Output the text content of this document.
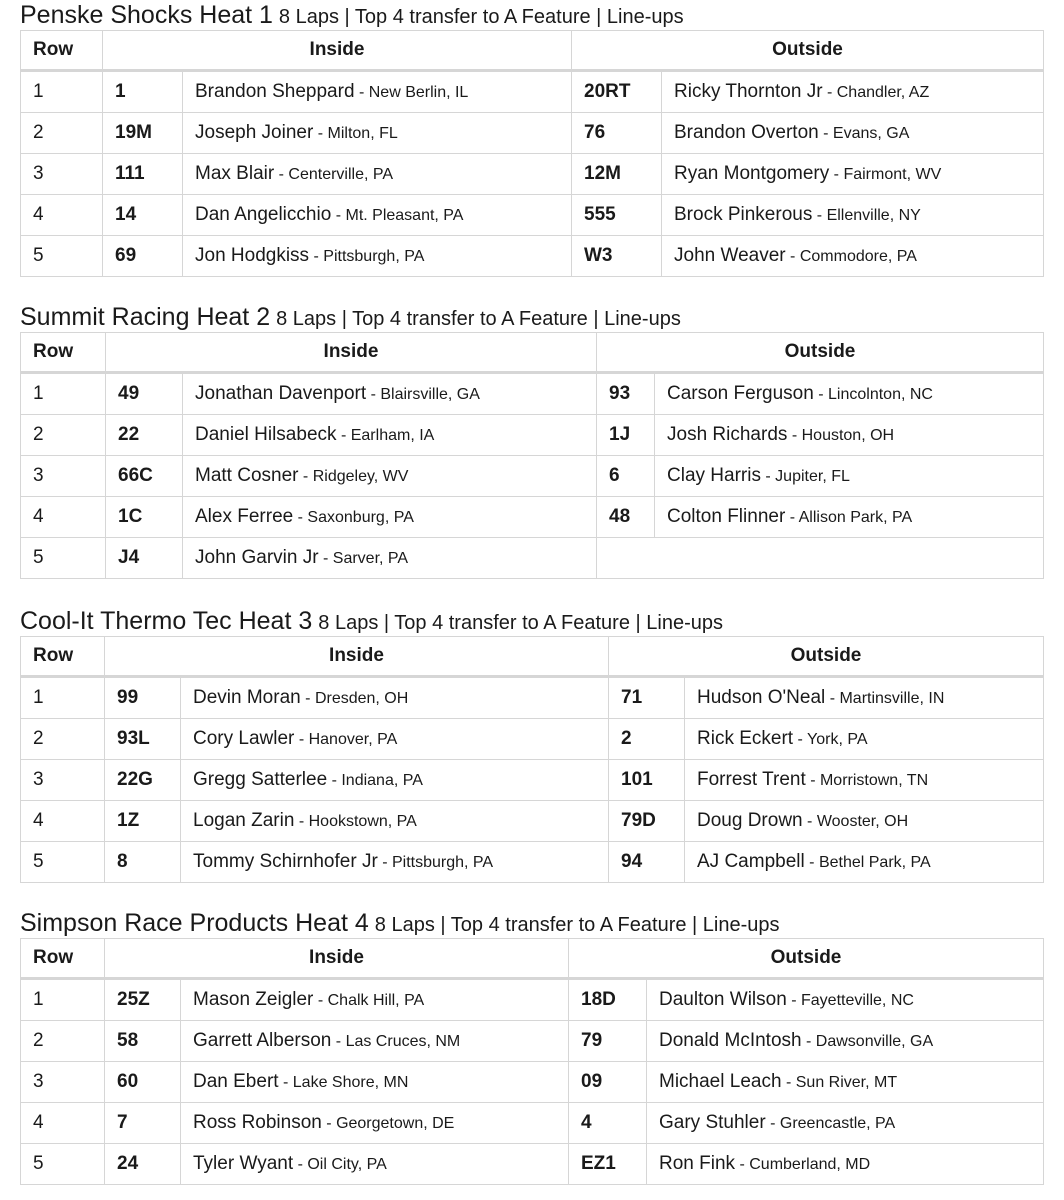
Penske Shocks Heat 1 8 Laps | Top 4 transfer to A Feature | Line-ups
Row	Inside		Outside	
1	1	Brandon Sheppard - New Berlin, IL	20RT	Ricky Thornton Jr - Chandler, AZ
2	19M	Joseph Joiner - Milton, FL	76	Brandon Overton - Evans, GA
3	111	Max Blair - Centerville, PA	12M	Ryan Montgomery - Fairmont, WV
4	14	Dan Angelicchio - Mt. Pleasant, PA	555	Brock Pinkerous - Ellenville, NY
5	69	Jon Hodgkiss - Pittsburgh, PA	W3	John Weaver - Commodore, PA
Summit Racing Heat 2 8 Laps | Top 4 transfer to A Feature | Line-ups
Row	Inside		Outside	
1	49	Jonathan Davenport - Blairsville, GA	93	Carson Ferguson - Lincolnton, NC
2	22	Daniel Hilsabeck - Earlham, IA	1J	Josh Richards - Houston, OH
3	66C	Matt Cosner - Ridgeley, WV	6	Clay Harris - Jupiter, FL
4	1C	Alex Ferree - Saxonburg, PA	48	Colton Flinner - Allison Park, PA
5	J4	John Garvin Jr - Sarver, PA		
Cool-It Thermo Tec Heat 3 8 Laps | Top 4 transfer to A Feature | Line-ups
Row	Inside		Outside	
1	99	Devin Moran - Dresden, OH	71	Hudson O'Neal - Martinsville, IN
2	93L	Cory Lawler - Hanover, PA	2	Rick Eckert - York, PA
3	22G	Gregg Satterlee - Indiana, PA	101	Forrest Trent - Morristown, TN
4	1Z	Logan Zarin - Hookstown, PA	79D	Doug Drown - Wooster, OH
5	8	Tommy Schirnhofer Jr - Pittsburgh, PA	94	AJ Campbell - Bethel Park, PA
Simpson Race Products Heat 4 8 Laps | Top 4 transfer to A Feature | Line-ups
Row	Inside		Outside	
1	25Z	Mason Zeigler - Chalk Hill, PA	18D	Daulton Wilson - Fayetteville, NC
2	58	Garrett Alberson - Las Cruces, NM	79	Donald McIntosh - Dawsonville, GA
3	60	Dan Ebert - Lake Shore, MN	09	Michael Leach - Sun River, MT
4	7	Ross Robinson - Georgetown, DE	4	Gary Stuhler - Greencastle, PA
5	24	Tyler Wyant - Oil City, PA	EZ1	Ron Fink - Cumberland, MD
